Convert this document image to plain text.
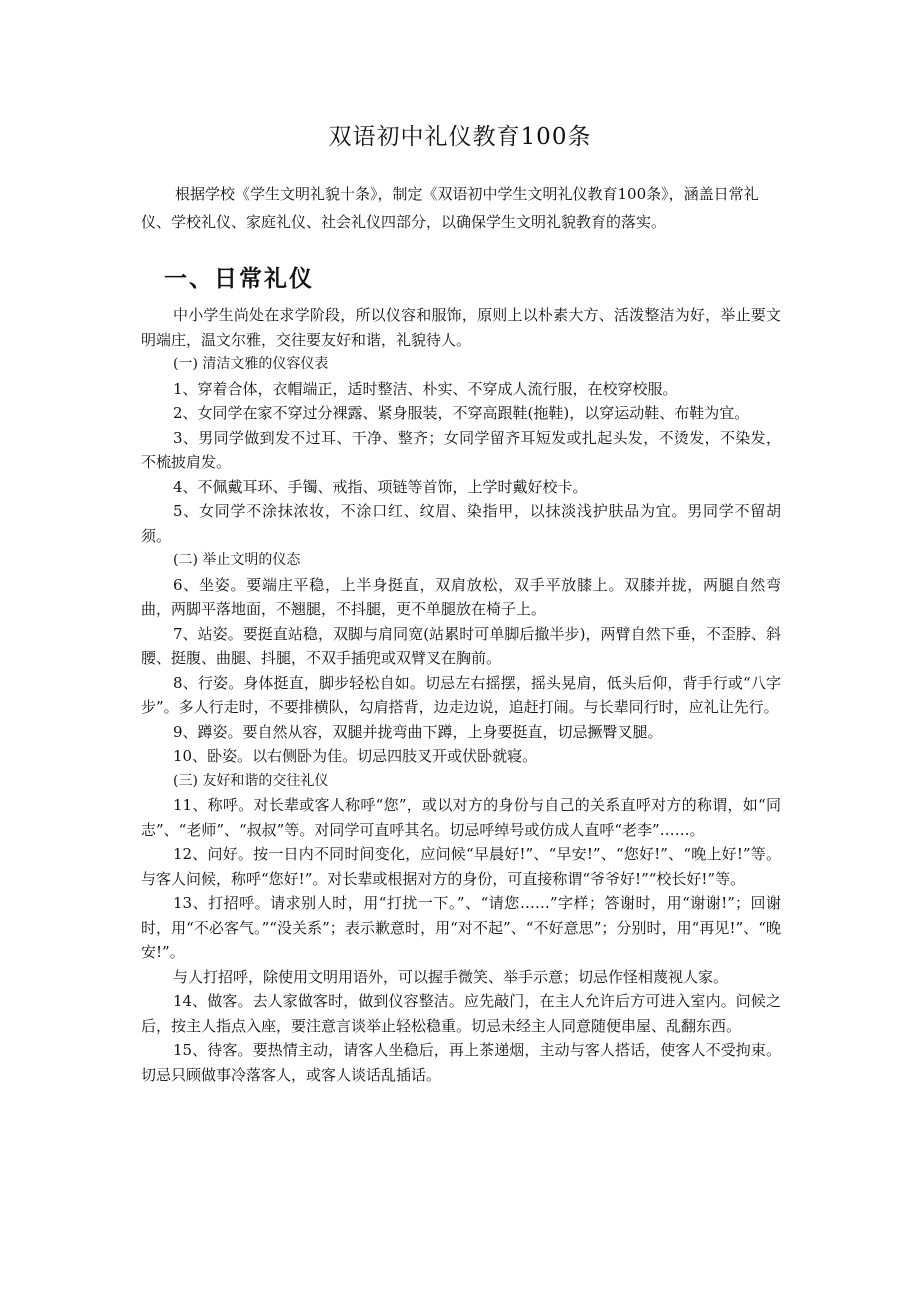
双语初中礼仪教育100条

根据学校《学生文明礼貌十条》，制定《双语初中学生文明礼仪教育100条》，涵盖日常礼仪、学校礼仪、家庭礼仪、社会礼仪四部分，以确保学生文明礼貌教育的落实。

一、日常礼仪

中小学生尚处在求学阶段，所以仪容和服饰，原则上以朴素大方、活泼整洁为好，举止要文明端庄，温文尔雅，交往要友好和谐，礼貌待人。

(一) 清洁文雅的仪容仪表

1、穿着合体，衣帽端正，适时整洁、朴实、不穿成人流行服，在校穿校服。

2、女同学在家不穿过分裸露、紧身服装，不穿高跟鞋(拖鞋)，以穿运动鞋、布鞋为宜。

3、男同学做到发不过耳、干净、整齐；女同学留齐耳短发或扎起头发，不烫发，不染发，不梳披肩发。

4、不佩戴耳环、手镯、戒指、项链等首饰，上学时戴好校卡。

5、女同学不涂抹浓妆，不涂口红、纹眉、染指甲，以抹淡浅护肤品为宜。男同学不留胡须。

(二) 举止文明的仪态

6、坐姿。要端庄平稳，上半身挺直，双肩放松，双手平放膝上。双膝并拢，两腿自然弯曲，两脚平落地面，不翘腿，不抖腿，更不单腿放在椅子上。

7、站姿。要挺直站稳，双脚与肩同宽(站累时可单脚后撤半步)，两臂自然下垂，不歪脖、斜腰、挺腹、曲腿、抖腿，不双手插兜或双臂叉在胸前。

8、行姿。身体挺直，脚步轻松自如。切忌左右摇摆，摇头晃肩，低头后仰，背手行或“八字步”。多人行走时，不要排横队，勾肩搭背，边走边说，追赶打闹。与长辈同行时，应礼让先行。

9、蹲姿。要自然从容，双腿并拢弯曲下蹲，上身要挺直，切忌撅臀叉腿。

10、卧姿。以右侧卧为佳。切忌四肢叉开或伏卧就寝。

(三) 友好和谐的交往礼仪

11、称呼。对长辈或客人称呼“您”，或以对方的身份与自己的关系直呼对方的称谓，如“同志”、“老师”、“叔叔”等。对同学可直呼其名。切忌呼绰号或仿成人直呼“老李”……。

12、问好。按一日内不同时间变化，应问候“早晨好!”、“早安!”、“您好!”、“晚上好!”等。与客人问候，称呼“您好!”。对长辈或根据对方的身份，可直接称谓“爷爷好!”“校长好!”等。

13、打招呼。请求别人时，用“打扰一下。”、“请您……”字样；答谢时，用“谢谢!”；回谢时，用“不必客气。”“没关系”；表示歉意时，用“对不起”、“不好意思”；分别时，用“再见!”、“晚安!”。

与人打招呼，除使用文明用语外，可以握手微笑、举手示意；切忌作怪相蔑视人家。

14、做客。去人家做客时，做到仪容整洁。应先敲门，在主人允许后方可进入室内。问候之后，按主人指点入座，要注意言谈举止轻松稳重。切忌未经主人同意随便串屋、乱翻东西。

15、待客。要热情主动，请客人坐稳后，再上茶递烟，主动与客人搭话，使客人不受拘束。切忌只顾做事冷落客人，或客人谈话乱插话。
